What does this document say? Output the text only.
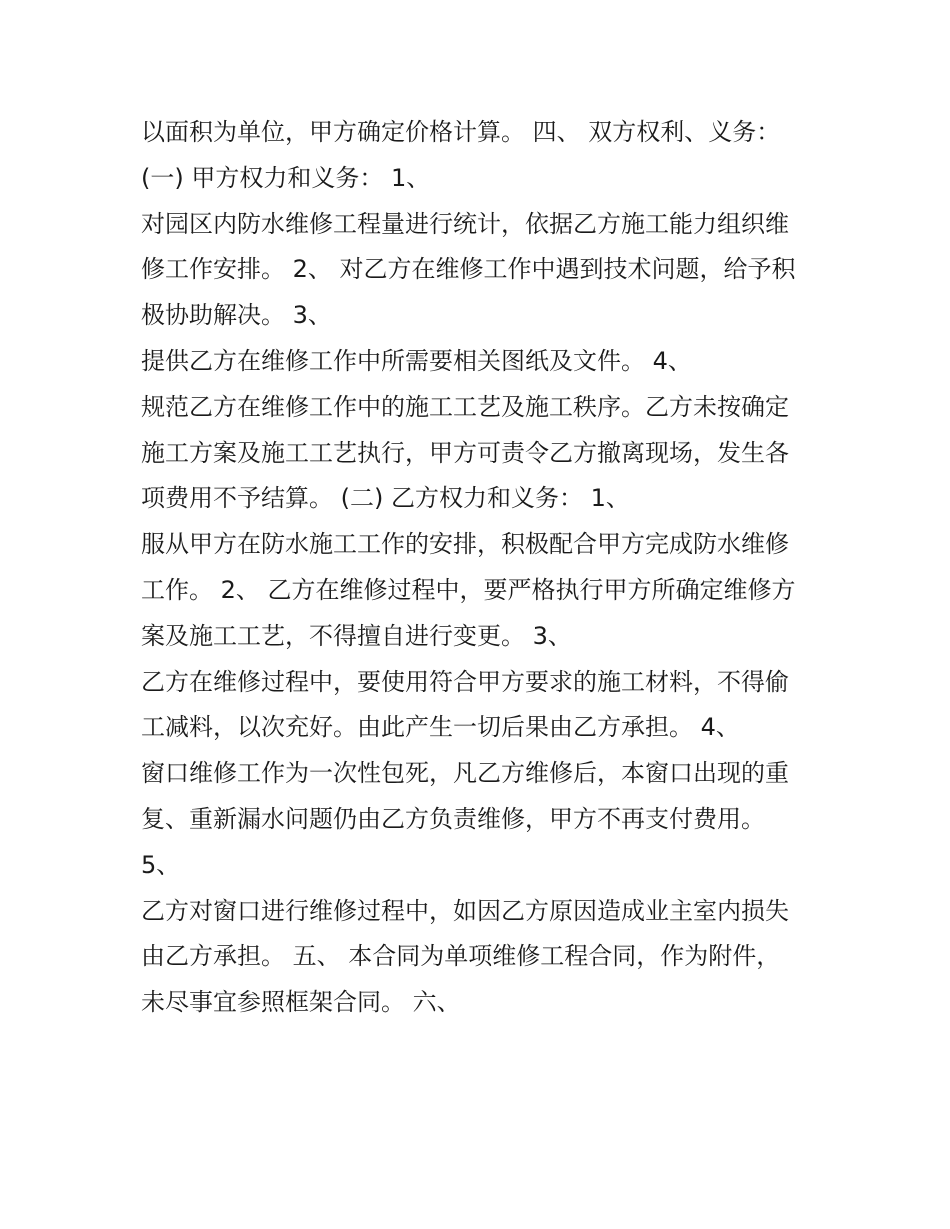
以面积为单位，甲方确定价格计算。 四、 双方权利、义务：
(一) 甲方权力和义务： 1、
对园区内防水维修工程量进行统计，依据乙方施工能力组织维
修工作安排。 2、 对乙方在维修工作中遇到技术问题，给予积
极协助解决。 3、
提供乙方在维修工作中所需要相关图纸及文件。 4、
规范乙方在维修工作中的施工工艺及施工秩序。乙方未按确定
施工方案及施工工艺执行，甲方可责令乙方撤离现场，发生各
项费用不予结算。 (二) 乙方权力和义务： 1、
服从甲方在防水施工工作的安排，积极配合甲方完成防水维修
工作。 2、 乙方在维修过程中，要严格执行甲方所确定维修方
案及施工工艺，不得擅自进行变更。 3、
乙方在维修过程中，要使用符合甲方要求的施工材料，不得偷
工减料，以次充好。由此产生一切后果由乙方承担。 4、
窗口维修工作为一次性包死，凡乙方维修后，本窗口出现的重
复、重新漏水问题仍由乙方负责维修，甲方不再支付费用。
5、
乙方对窗口进行维修过程中，如因乙方原因造成业主室内损失
由乙方承担。 五、 本合同为单项维修工程合同，作为附件，
未尽事宜参照框架合同。 六、
